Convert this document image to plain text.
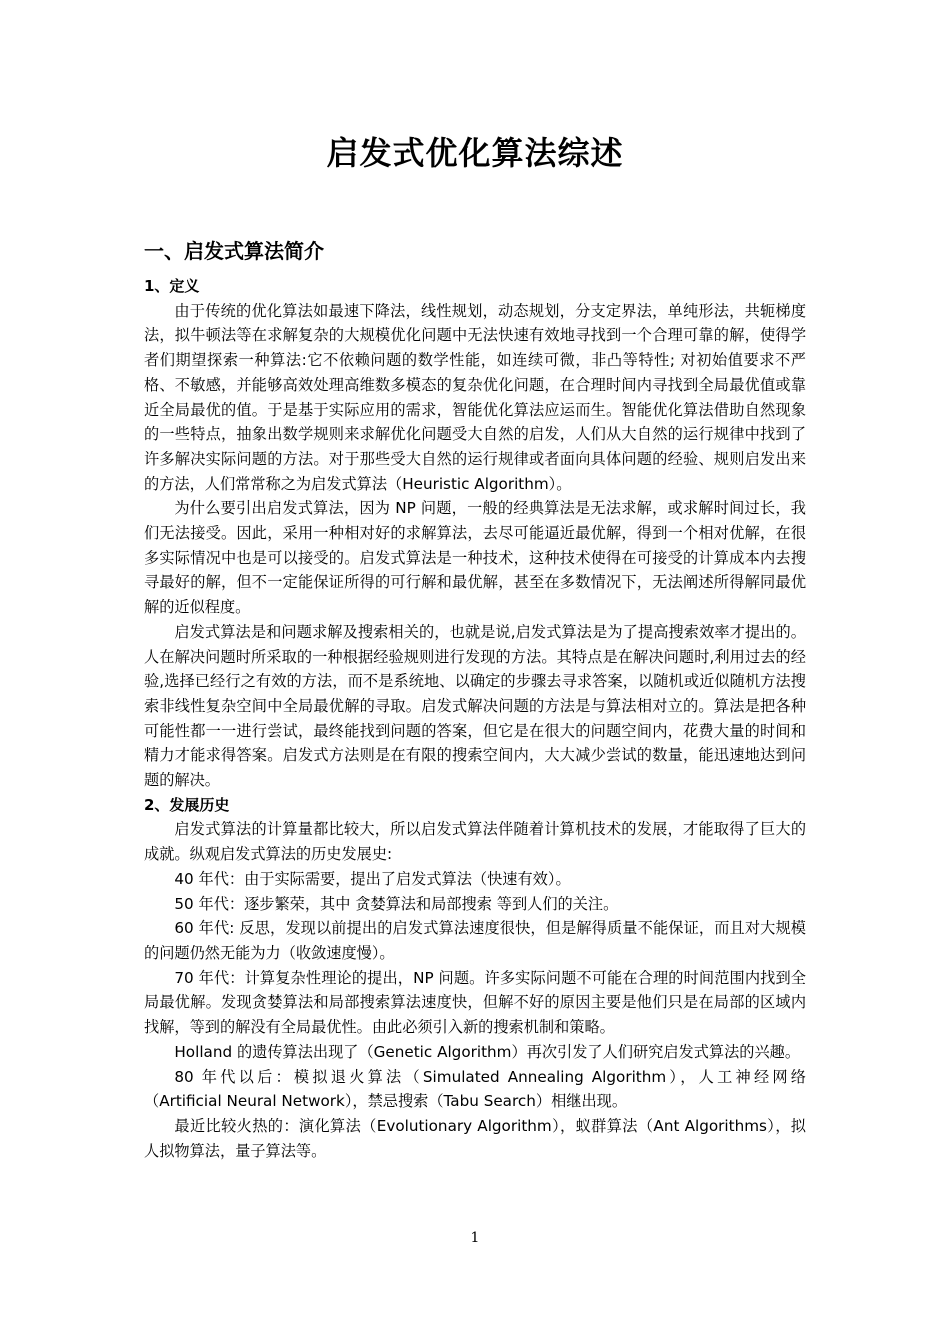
启发式优化算法综述
一、启发式算法简介
1、定义

由于传统的优化算法如最速下降法，线性规划，动态规划，分支定界法，单纯形法，共轭梯度法，拟牛顿法等在求解复杂的大规模优化问题中无法快速有效地寻找到一个合理可靠的解，使得学者们期望探索一种算法:它不依赖问题的数学性能，如连续可微，非凸等特性; 对初始值要求不严格、不敏感，并能够高效处理高维数多模态的复杂优化问题，在合理时间内寻找到全局最优值或靠近全局最优的值。于是基于实际应用的需求，智能优化算法应运而生。智能优化算法借助自然现象的一些特点，抽象出数学规则来求解优化问题受大自然的启发，人们从大自然的运行规律中找到了许多解决实际问题的方法。对于那些受大自然的运行规律或者面向具体问题的经验、规则启发出来的方法，人们常常称之为启发式算法（Heuristic Algorithm）。

为什么要引出启发式算法，因为 NP 问题，一般的经典算法是无法求解，或求解时间过长，我们无法接受。因此，采用一种相对好的求解算法，去尽可能逼近最优解，得到一个相对优解，在很多实际情况中也是可以接受的。启发式算法是一种技术，这种技术使得在可接受的计算成本内去搜寻最好的解，但不一定能保证所得的可行解和最优解，甚至在多数情况下，无法阐述所得解同最优解的近似程度。

启发式算法是和问题求解及搜索相关的，也就是说,启发式算法是为了提高搜索效率才提出的。人在解决问题时所采取的一种根据经验规则进行发现的方法。其特点是在解决问题时,利用过去的经验,选择已经行之有效的方法，而不是系统地、以确定的步骤去寻求答案，以随机或近似随机方法搜索非线性复杂空间中全局最优解的寻取。启发式解决问题的方法是与算法相对立的。算法是把各种可能性都一一进行尝试，最终能找到问题的答案，但它是在很大的问题空间内，花费大量的时间和精力才能求得答案。启发式方法则是在有限的搜索空间内，大大减少尝试的数量，能迅速地达到问题的解决。

2、发展历史

启发式算法的计算量都比较大，所以启发式算法伴随着计算机技术的发展，才能取得了巨大的成就。纵观启发式算法的历史发展史:

40 年代：由于实际需要，提出了启发式算法（快速有效）。

50 年代：逐步繁荣，其中 贪婪算法和局部搜索 等到人们的关注。

60 年代: 反思，发现以前提出的启发式算法速度很快，但是解得质量不能保证，而且对大规模的问题仍然无能为力（收敛速度慢）。

70 年代：计算复杂性理论的提出，NP 问题。许多实际问题不可能在合理的时间范围内找到全局最优解。发现贪婪算法和局部搜索算法速度快，但解不好的原因主要是他们只是在局部的区域内找解，等到的解没有全局最优性。由此必须引入新的搜索机制和策略。

Holland 的遗传算法出现了（Genetic Algorithm）再次引发了人们研究启发式算法的兴趣。

80 年代以后：模拟退火算法（Simulated Annealing Algorithm），人工神经网络（Artificial Neural Network），禁忌搜索（Tabu Search）相继出现。

最近比较火热的：演化算法（Evolutionary Algorithm），蚁群算法（Ant Algorithms），拟人拟物算法，量子算法等。

1
